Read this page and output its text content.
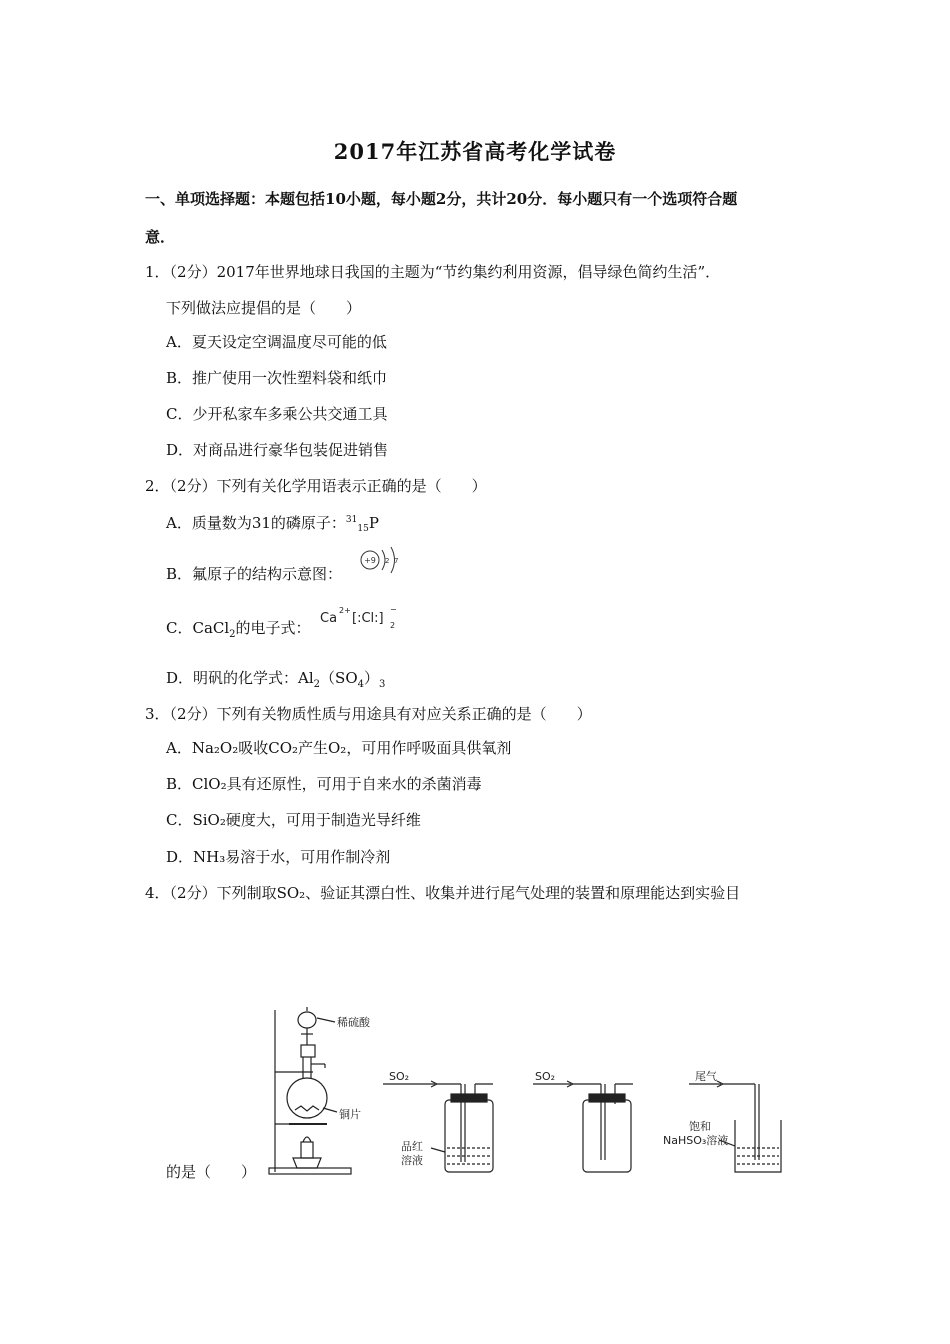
2017年江苏省高考化学试卷
一、单项选择题：本题包括10小题，每小题2分，共计20分．每小题只有一个选项符合题
意．
1．（2分）2017年世界地球日我国的主题为“节约集约利用资源，倡导绿色简约生活”．
下列做法应提倡的是（　　）
A．夏天设定空调温度尽可能的低
B．推广使用一次性塑料袋和纸巾
C．少开私家车多乘公共交通工具
D．对商品进行豪华包装促进销售
2．（2分）下列有关化学用语表示正确的是（　　）
A．质量数为31的磷原子：$^{31}_{15}$P
B．氟原子的结构示意图：
+9 2 7
C．CaCl$_2$的电子式：
Ca
2+
[:Cl:]
−
2
D．明矾的化学式：$Al_2(SO_4)_3$
3．（2分）下列有关物质性质与用途具有对应关系正确的是（　　）
A．Na₂O₂吸收CO₂产生O₂，可用作呼吸面具供氧剂
B．ClO₂具有还原性，可用于自来水的杀菌消毒
C．SiO₂硬度大，可用于制造光导纤维
D．NH₃易溶于水，可用作制冷剂
4．（2分）下列制取SO₂、验证其漂白性、收集并进行尾气处理的装置和原理能达到实验目
的是（　　）
稀硫酸
铜片
SO₂
品红
溶液
SO₂	尾气
饱和
NaHSO₃溶液
